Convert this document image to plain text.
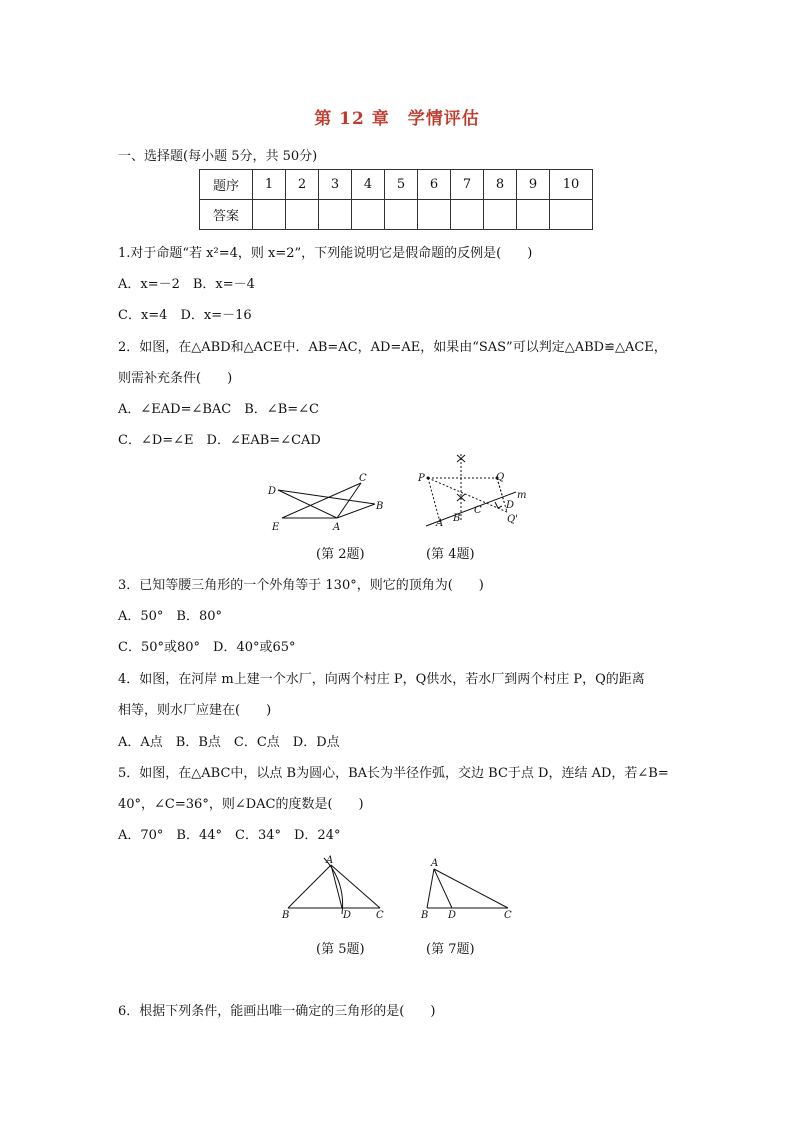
第 12 章　学情评估
一、选择题(每小题 5分，共 50分)
题序	1	2	3	4	5	6	7	8	9	10
答案										
1.对于命题“若 x²=4，则 x=2”，下列能说明它是假命题的反例是(　　)
A．x=－2　B．x=－4
C．x=4　D．x=－16
2．如图，在△ABD和△ACE中．AB=AC，AD=AE，如果由“SAS”可以判定△ABD≌△ACE，
则需补充条件(　　)
A．∠EAD=∠BAC　B．∠B=∠C
C．∠D=∠E　D．∠EAB=∠CAD
D
C
B
E	A
(第 2题)
P	Q
m
D
C
B
A	Q'
(第 4题)
3．已知等腰三角形的一个外角等于 130°，则它的顶角为(　　)
A．50°　B．80°
C．50°或80°　D．40°或65°
4．如图，在河岸 m上建一个水厂，向两个村庄 P，Q供水，若水厂到两个村庄 P，Q的距离
相等，则水厂应建在(　　)
A．A点　B．B点　C．C点　D．D点
5．如图，在△ABC中，以点 B为圆心，BA长为半径作弧，交边 BC于点 D，连结 AD，若∠B=
40°，∠C=36°，则∠DAC的度数是(　　)
A．70°　B．44°　C．34°　D．24°
A
B	D C
(第 5题)
A
B D	C
(第 7题)
6．根据下列条件，能画出唯一确定的三角形的是(　　)
